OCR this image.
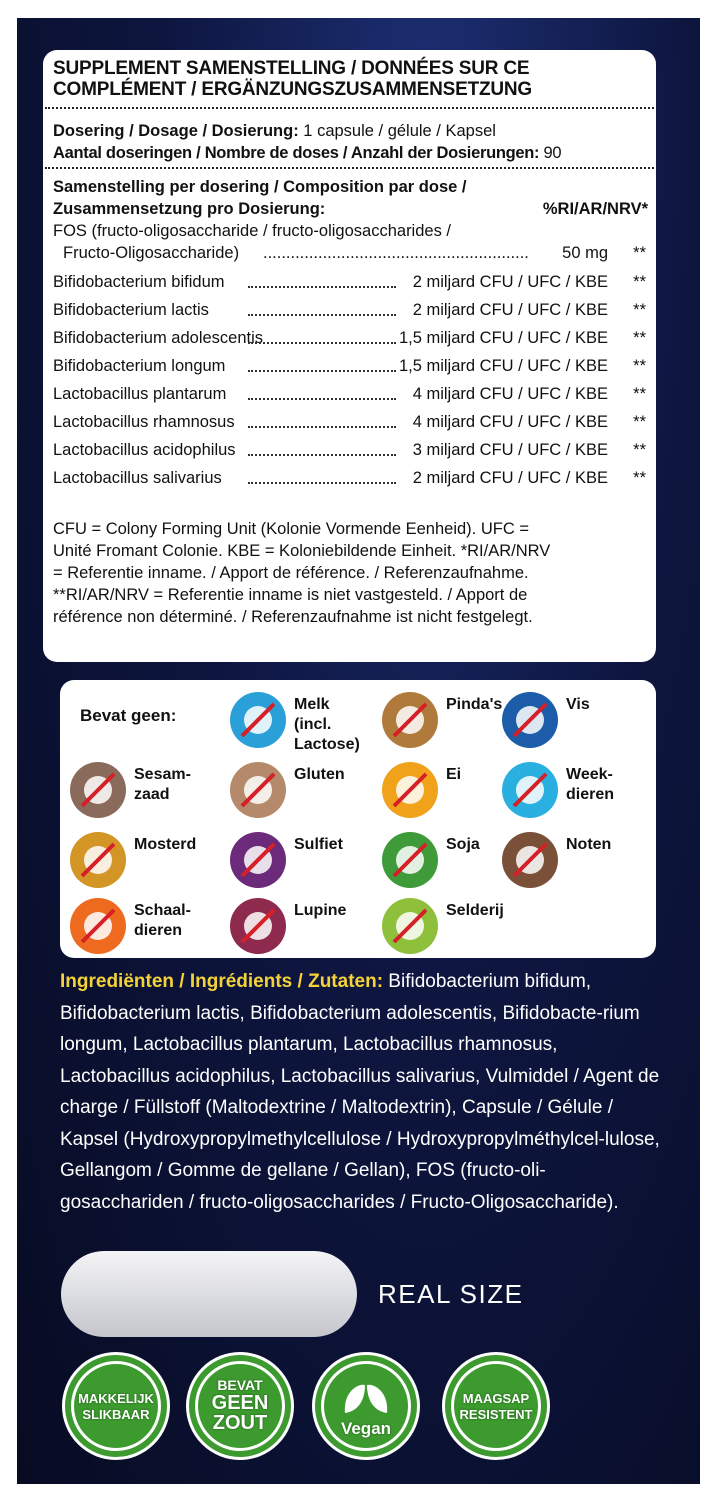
SUPPLEMENT SAMENSTELLING / DONNÉES SUR CE COMPLÉMENT / ERGÄNZUNGSZUSAMMENSETZUNG
Dosering / Dosage / Dosierung: 1 capsule / gélule / Kapsel
Aantal doseringen / Nombre de doses / Anzahl der Dosierungen: 90
Samenstelling per dosering / Composition par dose /
Zusammensetzung pro Dosierung:	%RI/AR/NRV*
FOS (fructo-oligosaccharide / fructo-oligosaccharides /
Fructo-Oligosaccharide) ..........................................................	50 mg **
Bifidobacterium bifidum	2 miljard CFU / UFC / KBE **
Bifidobacterium lactis	2 miljard CFU / UFC / KBE **
Bifidobacterium adolescentis	1,5 miljard CFU / UFC / KBE **
Bifidobacterium longum	1,5 miljard CFU / UFC / KBE **
Lactobacillus plantarum	4 miljard CFU / UFC / KBE **
Lactobacillus rhamnosus	4 miljard CFU / UFC / KBE **
Lactobacillus acidophilus	3 miljard CFU / UFC / KBE **
Lactobacillus salivarius	2 miljard CFU / UFC / KBE **
CFU = Colony Forming Unit (Kolonie Vormende Eenheid). UFC =
Unité Fromant Colonie. KBE = Koloniebildende Einheit. *RI/AR/NRV
= Referentie inname. / Apport de référence. / Referenzaufnahme.
**RI/AR/NRV = Referentie inname is niet vastgesteld. / Apport de
référence non déterminé. / Referenzaufnahme ist nicht festgelegt.
Bevat geen:
Melk
(incl.
Lactose)
Pinda's	Vis
Sesam-
zaad
Gluten	Ei	Week-
dieren
Mosterd	Sulfiet	Soja	Noten
Schaal-
dieren
Lupine	Selderij
Ingrediënten / Ingrédients / Zutaten: Bifidobacterium bifidum, Bifidobacterium lactis, Bifidobacterium adolescentis, Bifidobacte-rium longum, Lactobacillus plantarum, Lactobacillus rhamnosus, Lactobacillus acidophilus, Lactobacillus salivarius, Vulmiddel / Agent de charge / Füllstoff (Maltodextrine / Maltodextrin), Capsule / Gélule / Kapsel (Hydroxypropylmethylcellulose / Hydroxypropylméthylcel-lulose, Gellangom / Gomme de gellane / Gellan), FOS (fructo-oli-gosacchariden / fructo-oligosaccharides / Fructo-Oligosaccharide).
REAL SIZE
MAKKELIJK
SLIKBAAR
BEVAT
GEEN
ZOUT	Vegan
MAAGSAP
RESISTENT
